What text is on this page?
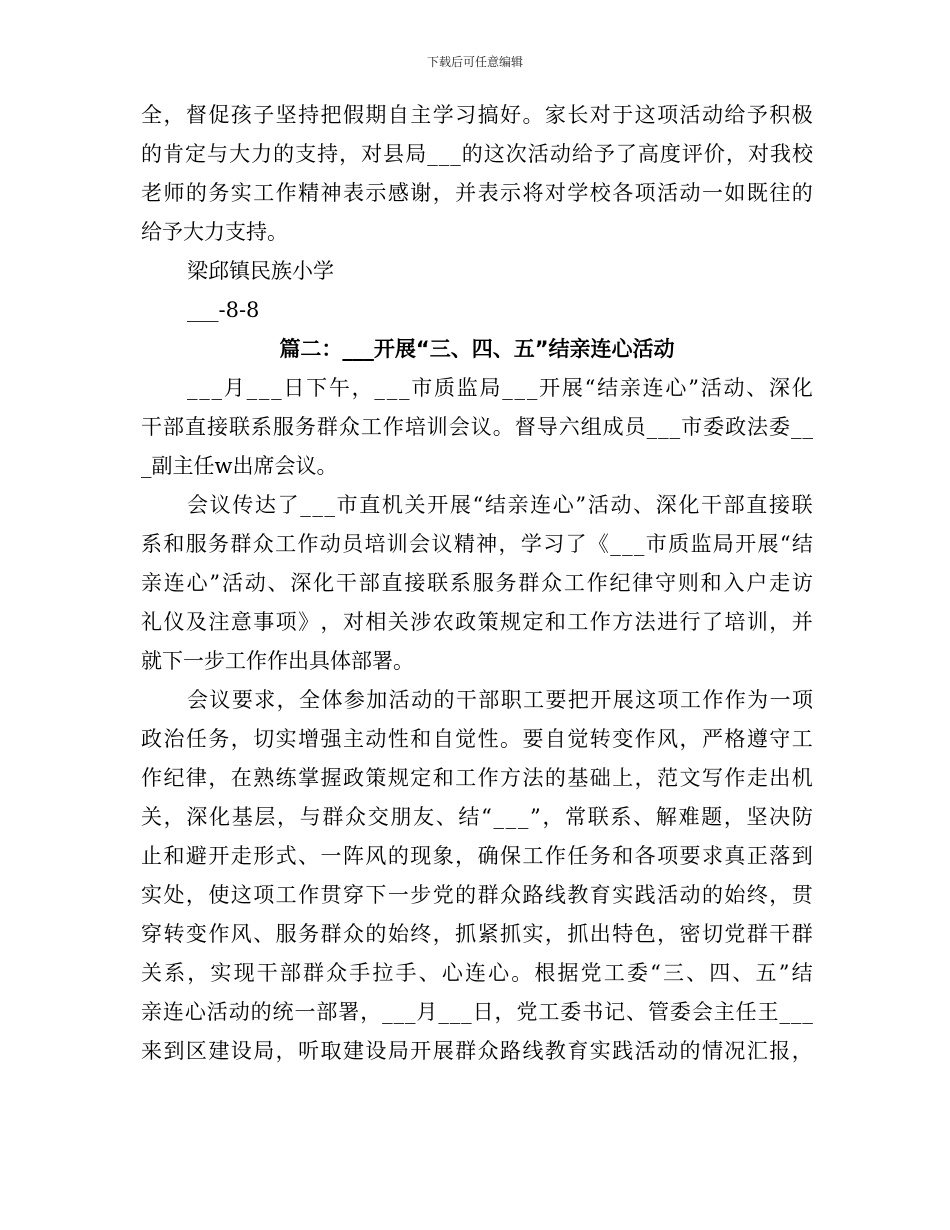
下载后可任意编辑
全 ， 督 促 孩 子 坚 持 把 假 期 自 主 学 习 搞 好 。 家 长 对 于 这 项 活 动 给 予 积 极
的 肯 定 与 大 力 的 支 持 ， 对 县 局 _ _ _ 的 这 次 活 动 给 予 了 高 度 评 价 ， 对 我 校
老 师 的 务 实 工 作 精 神 表 示 感 谢 ， 并 表 示 将 对 学 校 各 项 活 动 一 如 既 往 的
给予大力支持。
梁邱镇民族小学
___-8-8
篇二：___开展“三、四、五”结亲连心活动
_ _ _ 月 _ _ _ 日 下 午 ， _ _ _ 市 质 监 局 _ _ _ 开 展 “ 结 亲 连 心 ” 活 动 、 深 化
干 部 直 接 联 系 服 务 群 众 工 作 培 训 会 议 。 督 导 六 组 成 员 _ _ _ 市 委 政 法 委 _ _
_副主任w出席会议。
会 议 传 达 了 _ _ _ 市 直 机 关 开 展 “ 结 亲 连 心 ” 活 动 、 深 化 干 部 直 接 联
系 和 服 务 群 众 工 作 动 员 培 训 会 议 精 神 ， 学 习 了 《 _ _ _ 市 质 监 局 开 展 “ 结
亲 连 心 ” 活 动 、 深 化 干 部 直 接 联 系 服 务 群 众 工 作 纪 律 守 则 和 入 户 走 访
礼 仪 及 注 意 事 项 》 ， 对 相 关 涉 农 政 策 规 定 和 工 作 方 法 进 行 了 培 训 ， 并
就下一步工作作出具体部署。
会 议 要 求 ， 全 体 参 加 活 动 的 干 部 职 工 要 把 开 展 这 项 工 作 作 为 一 项
政 治 任 务 ， 切 实 增 强 主 动 性 和 自 觉 性 。 要 自 觉 转 变 作 风 ， 严 格 遵 守 工
作 纪 律 ， 在 熟 练 掌 握 政 策 规 定 和 工 作 方 法 的 基 础 上 ， 范 文 写 作 走 出 机
关 ， 深 化 基 层 ， 与 群 众 交 朋 友 、 结 “ _ _ _ ” ， 常 联 系 、 解 难 题 ， 坚 决 防
止 和 避 开 走 形 式 、 一 阵 风 的 现 象 ， 确 保 工 作 任 务 和 各 项 要 求 真 正 落 到
实 处 ， 使 这 项 工 作 贯 穿 下 一 步 党 的 群 众 路 线 教 育 实 践 活 动 的 始 终 ， 贯
穿 转 变 作 风 、 服 务 群 众 的 始 终 ， 抓 紧 抓 实 ， 抓 出 特 色 ， 密 切 党 群 干 群
关 系 ， 实 现 干 部 群 众 手 拉 手 、 心 连 心 。 根 据 党 工 委 “ 三 、 四 、 五 ” 结
亲 连 心 活 动 的 统 一 部 署 ， _ _ _ 月 _ _ _ 日 ， 党 工 委 书 记 、 管 委 会 主 任 王 _ _ _
来 到 区 建 设 局 ， 听 取 建 设 局 开 展 群 众 路 线 教 育 实 践 活 动 的 情 况 汇 报 ，
